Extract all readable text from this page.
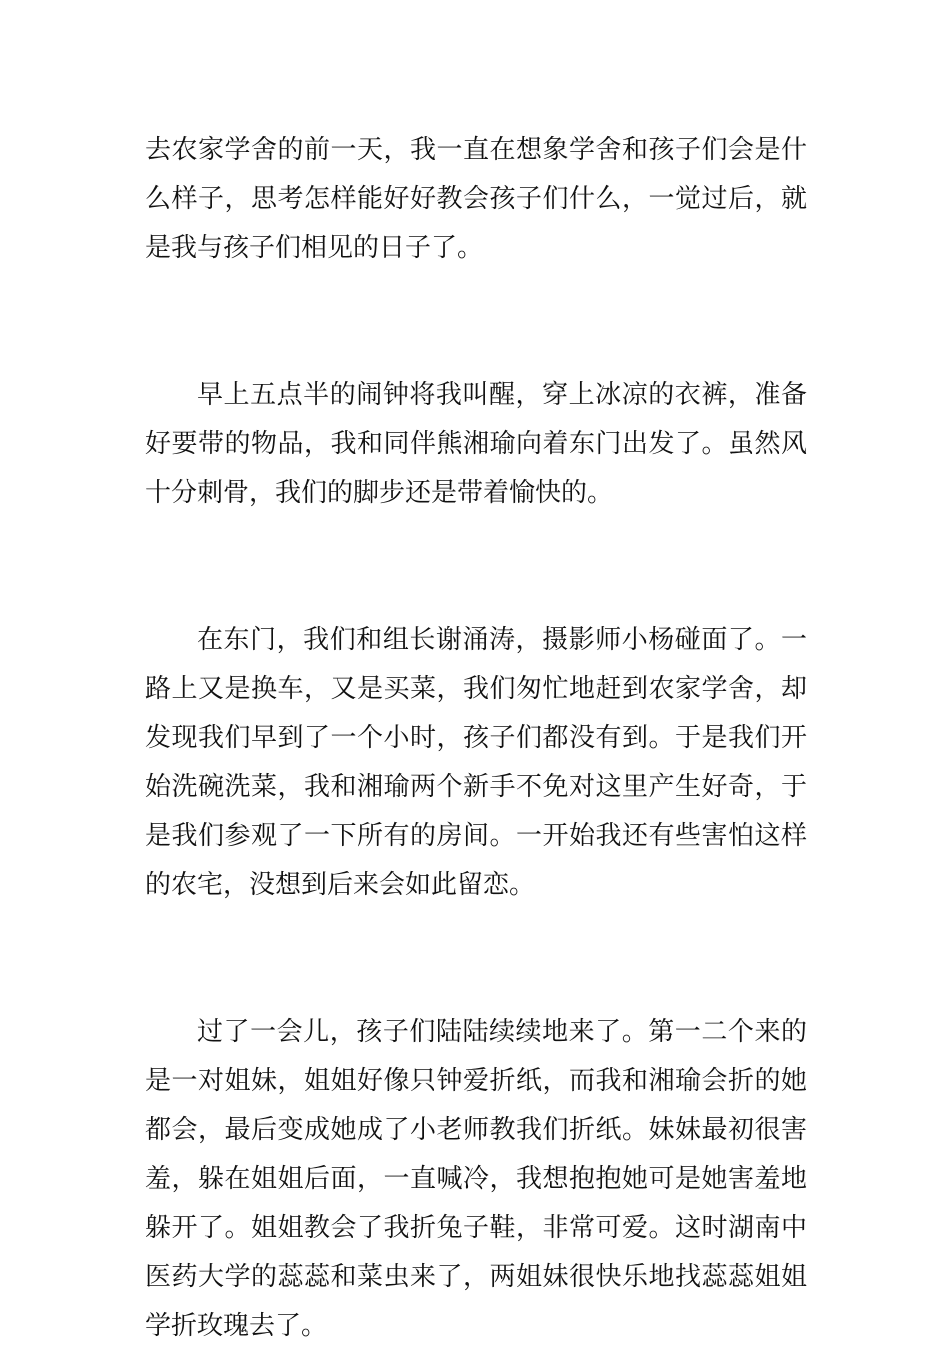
去农家学舍的前一天，我一直在想象学舍和孩子们会是什么样子，思考怎样能好好教会孩子们什么，一觉过后，就是我与孩子们相见的日子了。

早上五点半的闹钟将我叫醒，穿上冰凉的衣裤，准备好要带的物品，我和同伴熊湘瑜向着东门出发了。虽然风十分刺骨，我们的脚步还是带着愉快的。

在东门，我们和组长谢涌涛，摄影师小杨碰面了。一路上又是换车，又是买菜，我们匆忙地赶到农家学舍，却发现我们早到了一个小时，孩子们都没有到。于是我们开始洗碗洗菜，我和湘瑜两个新手不免对这里产生好奇，于是我们参观了一下所有的房间。一开始我还有些害怕这样的农宅，没想到后来会如此留恋。

过了一会儿，孩子们陆陆续续地来了。第一二个来的是一对姐妹，姐姐好像只钟爱折纸，而我和湘瑜会折的她都会，最后变成她成了小老师教我们折纸。妹妹最初很害羞，躲在姐姐后面，一直喊冷，我想抱抱她可是她害羞地躲开了。姐姐教会了我折兔子鞋，非常可爱。这时湖南中医药大学的蕊蕊和菜虫来了，两姐妹很快乐地找蕊蕊姐姐学折玫瑰去了。
